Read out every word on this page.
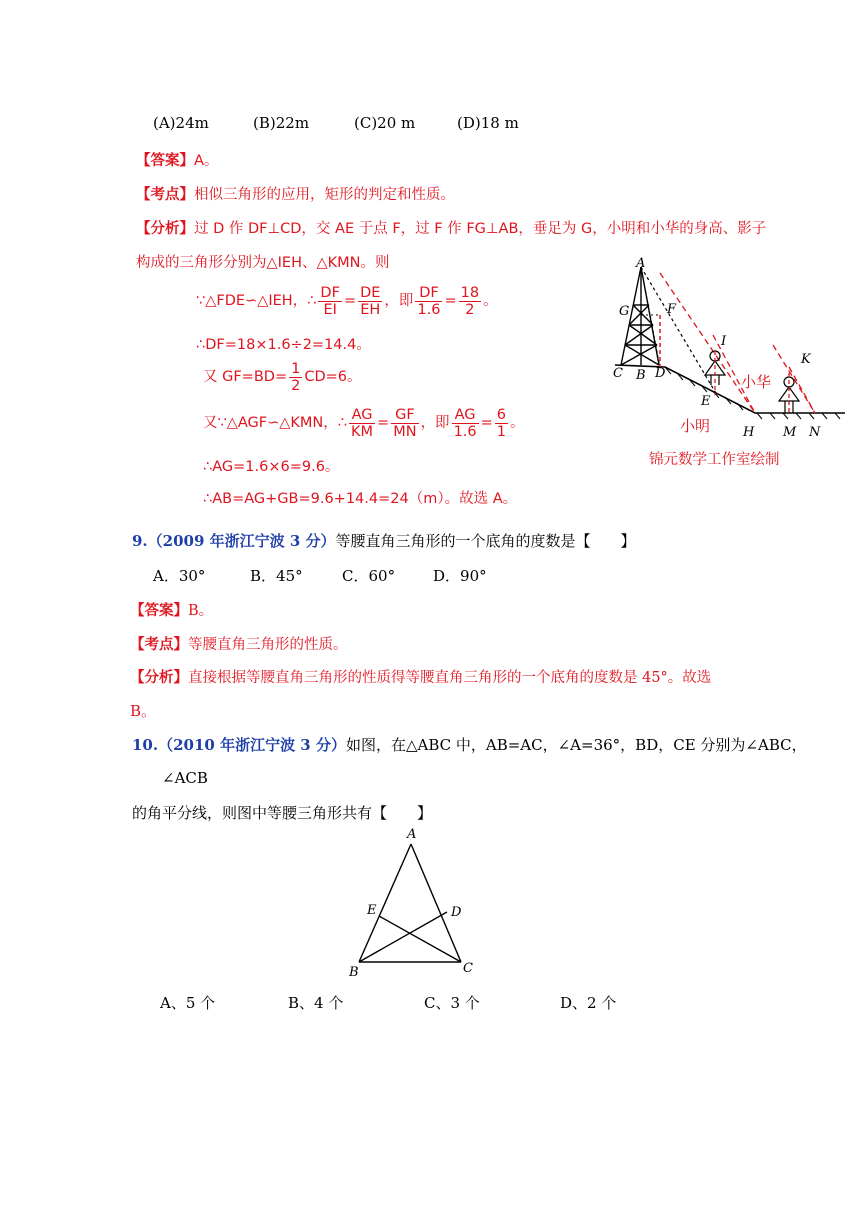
(A)24m	(B)22m	(C)20 m	(D)18 m
【答案】A。
【考点】相似三角形的应用，矩形的判定和性质。
【分析】过 D 作 DF⊥CD，交 AE 于点 F，过 F 作 FG⊥AB，垂足为 G，小明和小华的身高、影子
构成的三角形分别为△IEH、△KMN。则
∵△FDE∽△IEH，∴ $\frac{DF}{EI} = \frac{DE}{EH}$ ，即 $\frac{DF}{1.6} = \frac{18}{2}$ 。
∴DF=18×1.6÷2=14.4。
又 $GF=BD= \frac{1}{2} CD=6$。
又∵△AGF∽△KMN，∴ $\frac{AG}{KM} = \frac{GF}{MN}$ ，即 $\frac{AG}{1.6} = \frac{6}{1}$ 。
∴AG=1.6×6=9.6。
∴AB=AG+GB=9.6+14.4=24（m）。故选 A。
A
G	F
I
K
C B D
E
H M N
小明
小华
锦元数学工作室绘制
9.（2009 年浙江宁波 3 分）等腰直角三角形的一个底角的度数是【　　】
A．30°	B．45°	C．60°	D．90°
【答案】B。
【考点】等腰直角三角形的性质。
【分析】直接根据等腰直角三角形的性质得等腰直角三角形的一个底角的度数是 45°。故选
B。
10.（2010 年浙江宁波 3 分）如图，在△ABC 中，AB=AC，∠A=36°，BD，CE 分别为∠ABC，
∠ACB
的角平分线，则图中等腰三角形共有【　　】
A
B	C
D
E
A、5 个	B、4 个	C、3 个	D、2 个
